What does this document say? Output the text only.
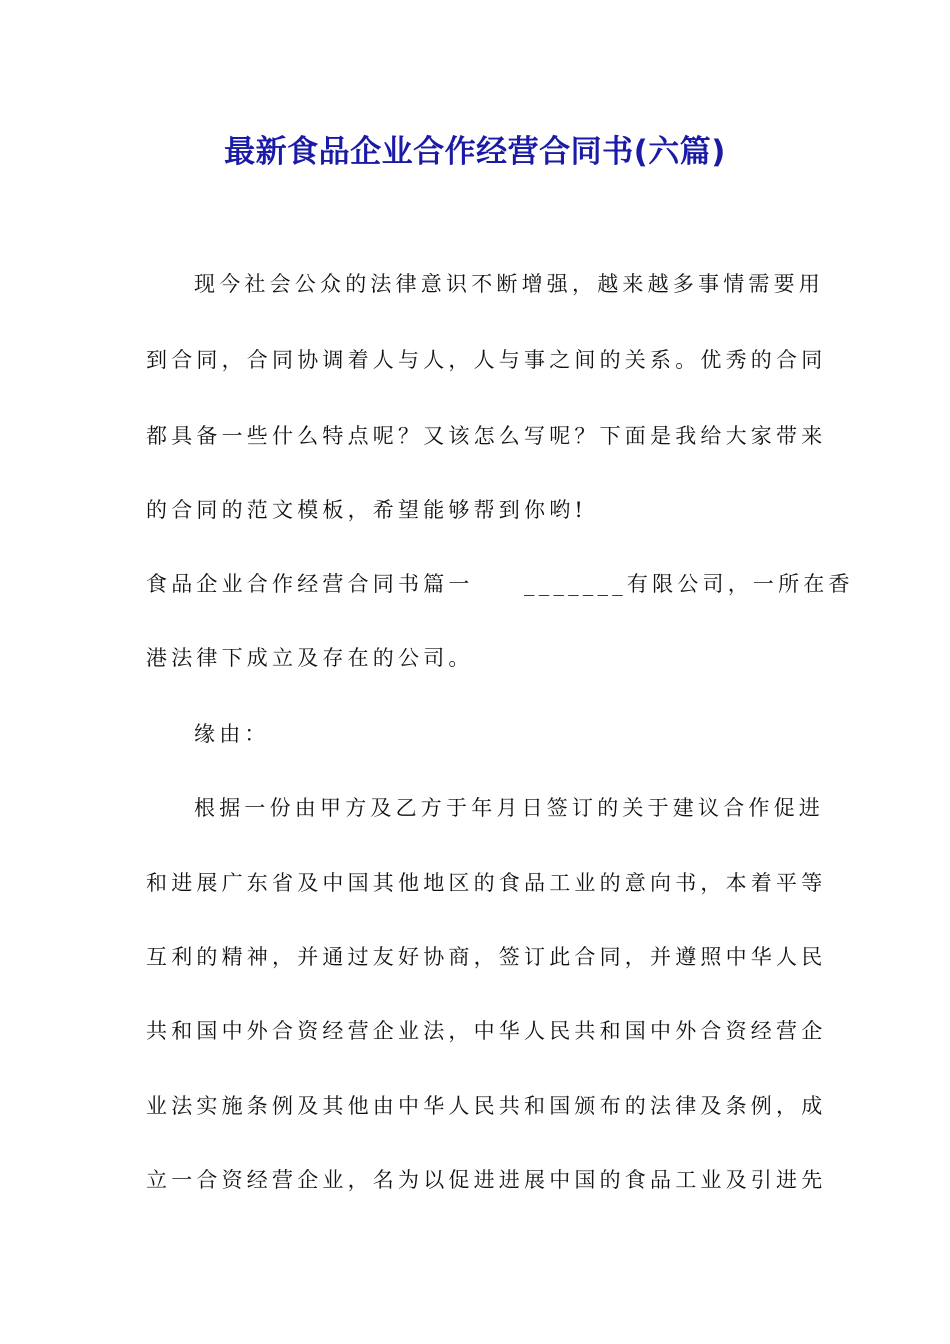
最新食品企业合作经营合同书(六篇)
现今社会公众的法律意识不断增强，越来越多事情需要用
到合同，合同协调着人与人，人与事之间的关系。优秀的合同
都具备一些什么特点呢？又该怎么写呢？下面是我给大家带来
的合同的范文模板，希望能够帮到你哟!
食品企业合作经营合同书篇一　　_______有限公司，一所在香
港法律下成立及存在的公司。
缘由：
根据一份由甲方及乙方于年月日签订的关于建议合作促进
和进展广东省及中国其他地区的食品工业的意向书，本着平等
互利的精神，并通过友好协商，签订此合同，并遵照中华人民
共和国中外合资经营企业法，中华人民共和国中外合资经营企
业法实施条例及其他由中华人民共和国颁布的法律及条例，成
立一合资经营企业，名为以促进进展中国的食品工业及引进先
